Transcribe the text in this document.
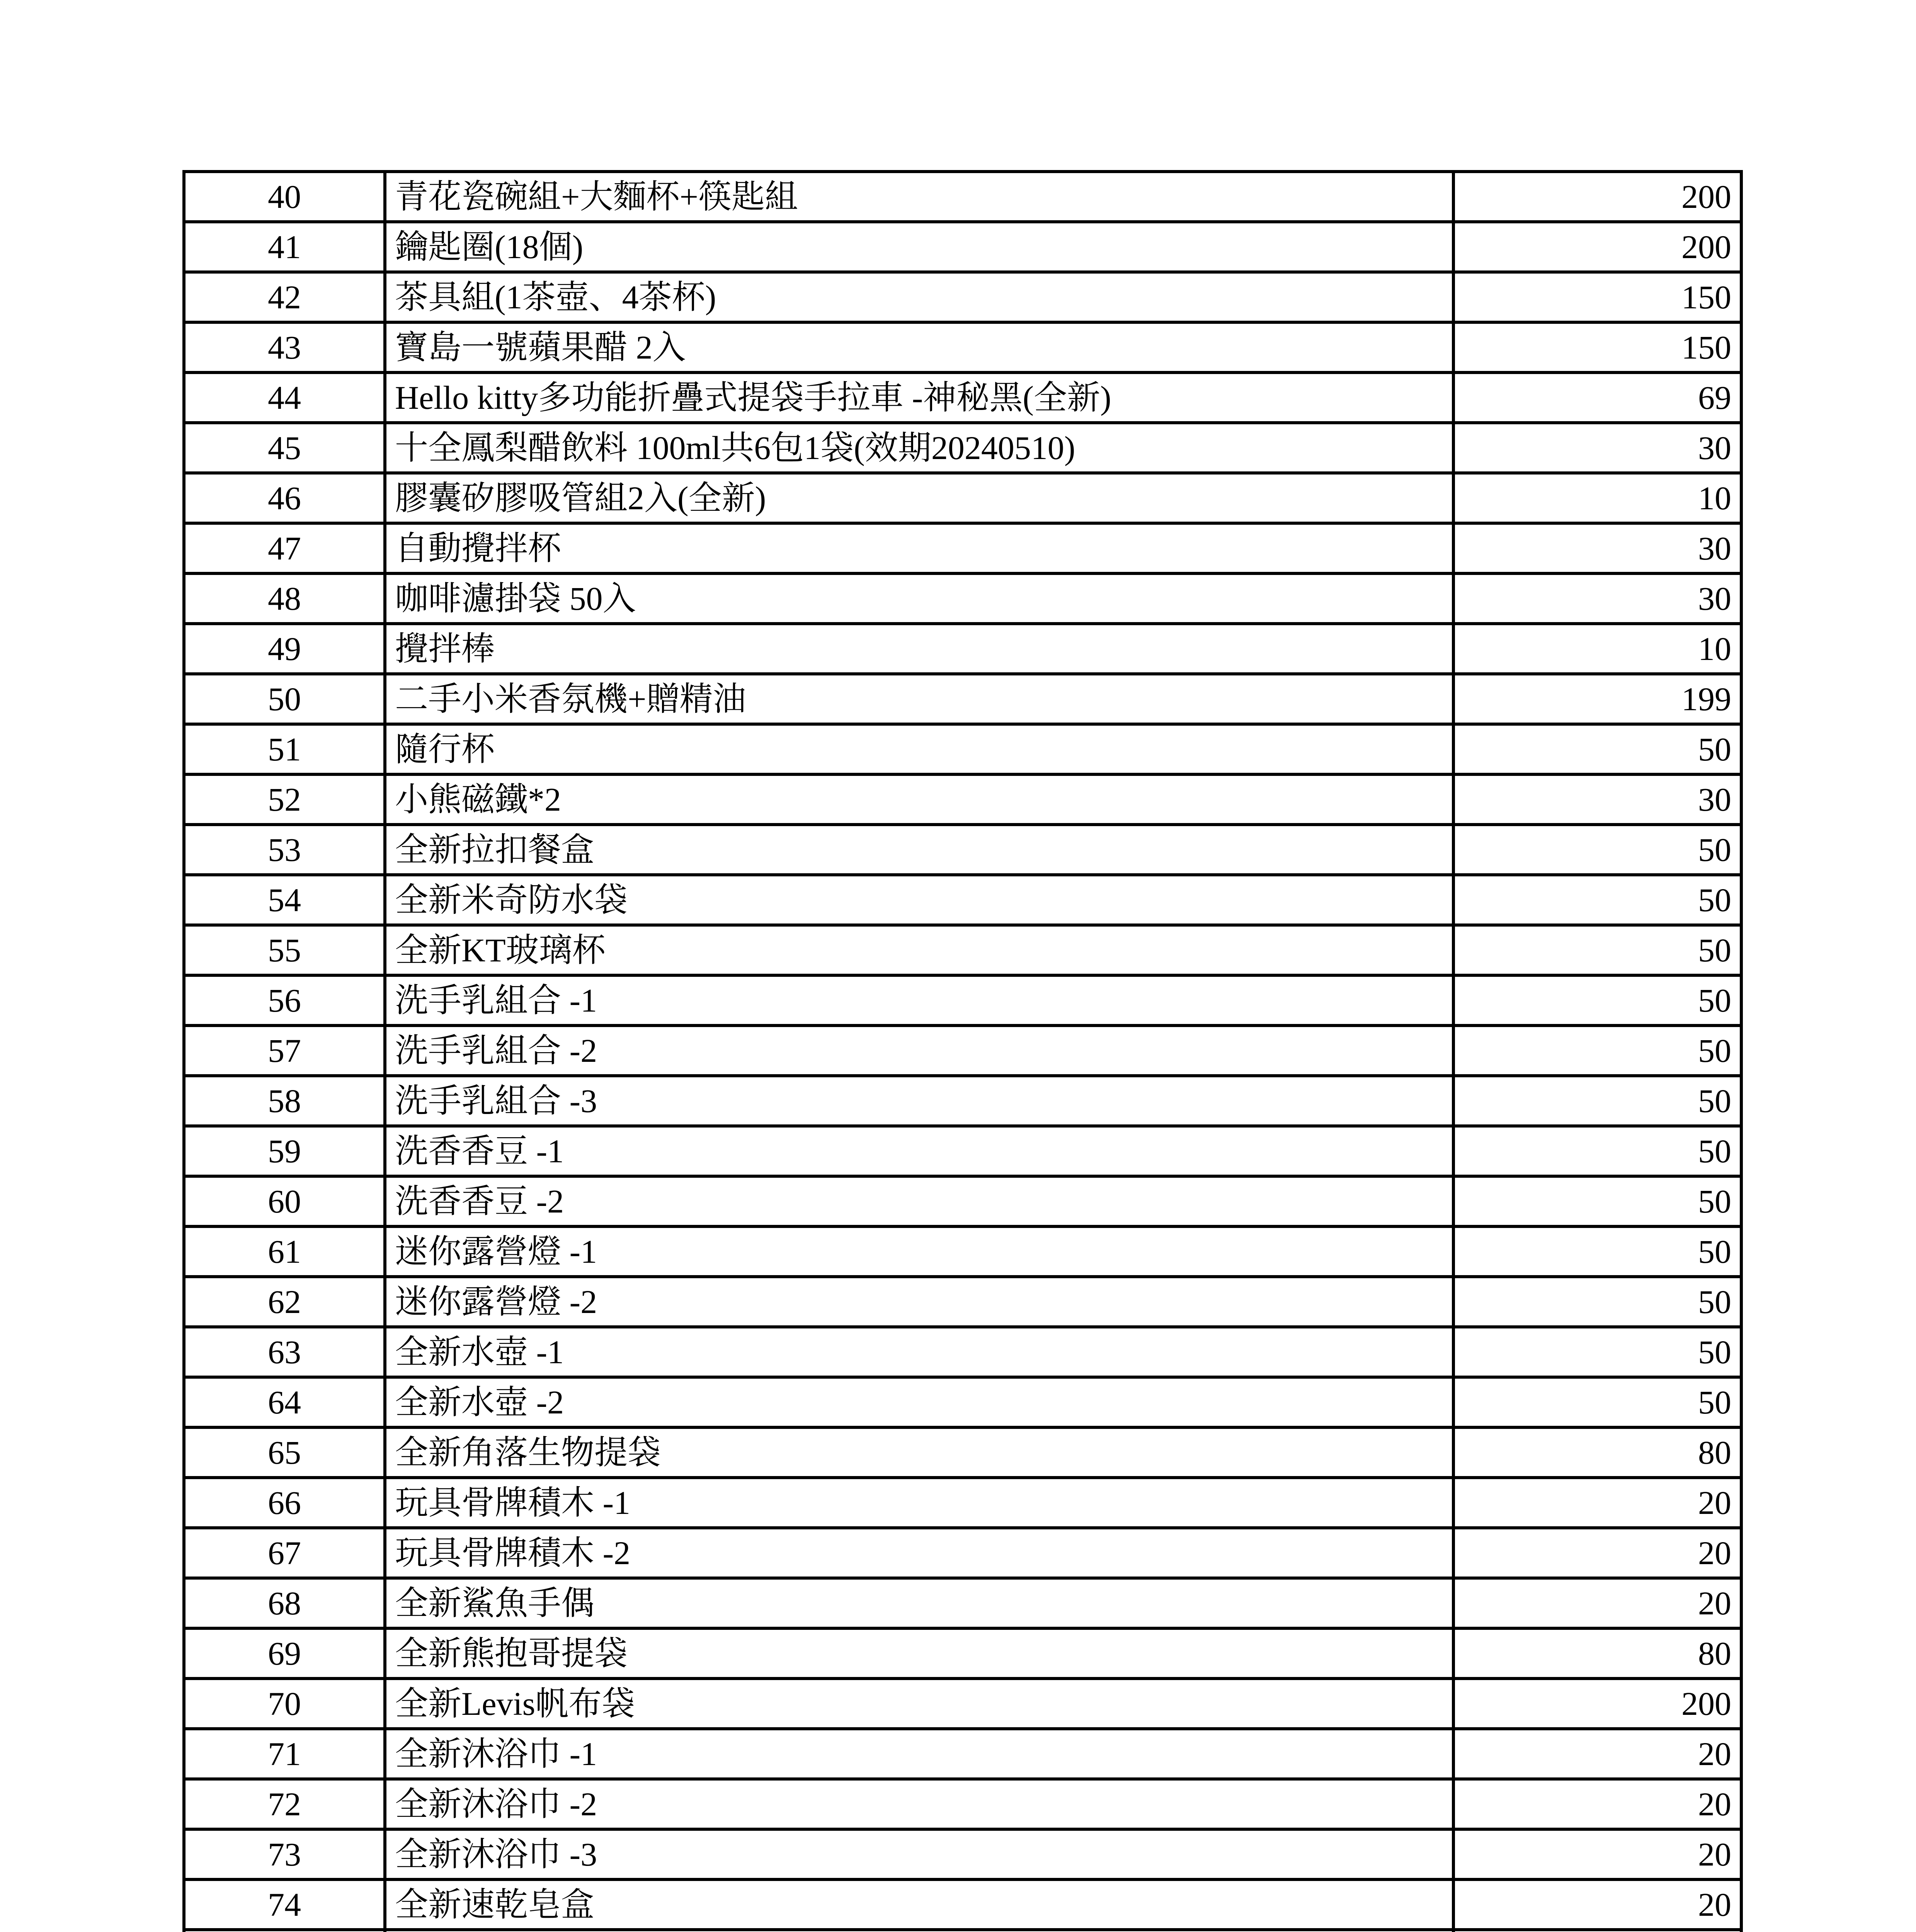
40	青花瓷碗組+大麵杯+筷匙組	200
41	鑰匙圈(18個)	200
42	茶具組(1茶壺、4茶杯)	150
43	寶島一號蘋果醋 2入	150
44	Hello kitty多功能折疊式提袋手拉車 -神秘黑(全新)	69
45	十全鳳梨醋飲料 100ml共6包1袋(效期20240510)	30
46	膠囊矽膠吸管組2入(全新)	10
47	自動攪拌杯	30
48	咖啡濾掛袋 50入	30
49	攪拌棒	10
50	二手小米香氛機+贈精油	199
51	隨行杯	50
52	小熊磁鐵*2	30
53	全新拉扣餐盒	50
54	全新米奇防水袋	50
55	全新KT玻璃杯	50
56	洗手乳組合 -1	50
57	洗手乳組合 -2	50
58	洗手乳組合 -3	50
59	洗香香豆 -1	50
60	洗香香豆 -2	50
61	迷你露營燈 -1	50
62	迷你露營燈 -2	50
63	全新水壺 -1	50
64	全新水壺 -2	50
65	全新角落生物提袋	80
66	玩具骨牌積木 -1	20
67	玩具骨牌積木 -2	20
68	全新鯊魚手偶	20
69	全新熊抱哥提袋	80
70	全新Levis帆布袋	200
71	全新沐浴巾 -1	20
72	全新沐浴巾 -2	20
73	全新沐浴巾 -3	20
74	全新速乾皂盒	20
